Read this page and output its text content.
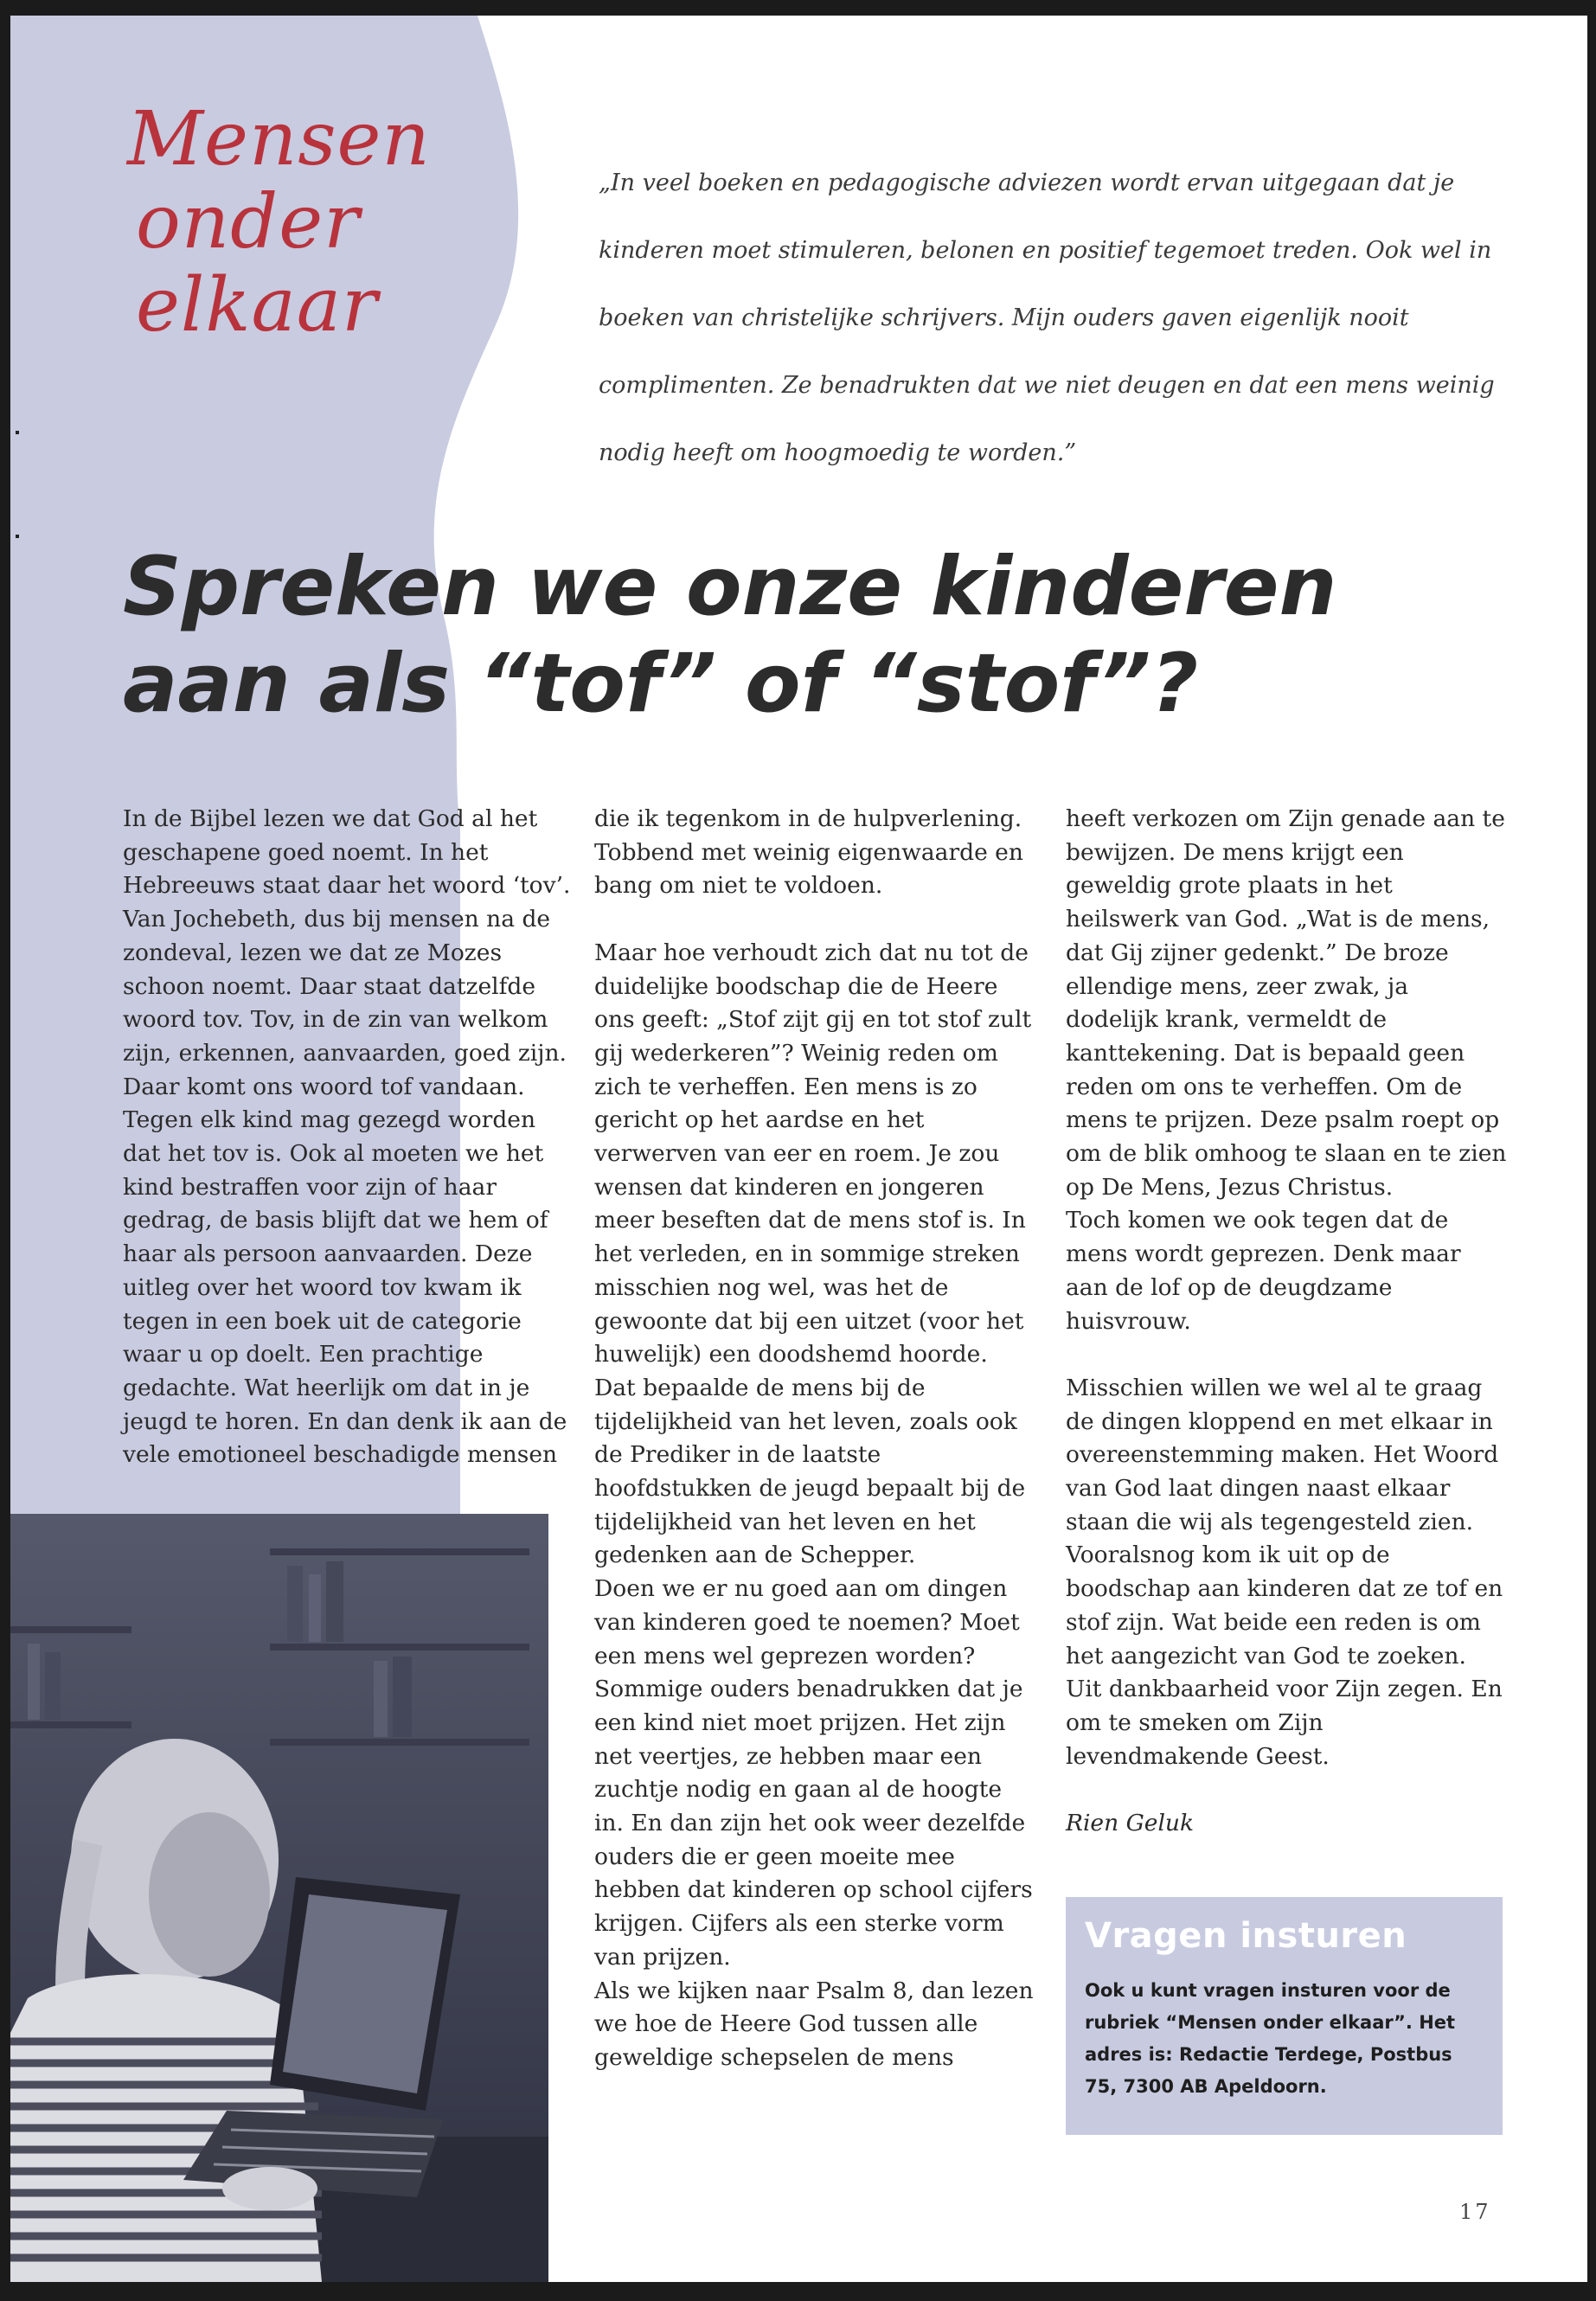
Mensen
onder
elkaar
„In veel boeken en pedagogische adviezen wordt ervan uitgegaan dat je kinderen moet stimuleren, belonen en positief tegemoet treden. Ook wel in boeken van christelijke schrijvers. Mijn ouders gaven eigenlijk nooit complimenten. Ze benadrukten dat we niet deugen en dat een mens weinig nodig heeft om hoogmoedig te worden.”
Spreken we onze kinderen
aan als “tof” of “stof”?

In de Bijbel lezen we dat God al het geschapene goed noemt. In het Hebreeuws staat daar het woord ‘tov’. Van Jochebeth, dus bij mensen na de zondeval, lezen we dat ze Mozes schoon noemt. Daar staat datzelfde woord tov. Tov, in de zin van welkom zijn, erkennen, aanvaarden, goed zijn. Daar komt ons woord tof vandaan. Tegen elk kind mag gezegd worden dat het tov is. Ook al moeten we het kind bestraffen voor zijn of haar gedrag, de basis blijft dat we hem of haar als persoon aanvaarden. Deze uitleg over het woord tov kwam ik tegen in een boek uit de categorie waar u op doelt. Een prachtige gedachte. Wat heerlijk om dat in je jeugd te horen. En dan denk ik aan de vele emotioneel beschadigde mensen

die ik tegenkom in de hulpverlening. Tobbend met weinig eigenwaarde en bang om niet te voldoen.

Maar hoe verhoudt zich dat nu tot de duidelijke boodschap die de Heere ons geeft: „Stof zijt gij en tot stof zult gij wederkeren”? Weinig reden om zich te verheffen. Een mens is zo gericht op het aardse en het verwerven van eer en roem. Je zou wensen dat kinderen en jongeren meer beseften dat de mens stof is. In het verleden, en in sommige streken misschien nog wel, was het de gewoonte dat bij een uitzet (voor het huwelijk) een doodshemd hoorde. Dat bepaalde de mens bij de tijdelijkheid van het leven, zoals ook de Prediker in de laatste hoofdstukken de jeugd bepaalt bij de tijdelijkheid van het leven en het gedenken aan de Schepper.

Doen we er nu goed aan om dingen van kinderen goed te noemen? Moet een mens wel geprezen worden? Sommige ouders benadrukken dat je een kind niet moet prijzen. Het zijn net veertjes, ze hebben maar een zuchtje nodig en gaan al de hoogte in. En dan zijn het ook weer dezelfde ouders die er geen moeite mee hebben dat kinderen op school cijfers krijgen. Cijfers als een sterke vorm van prijzen.

Als we kijken naar Psalm 8, dan lezen we hoe de Heere God tussen alle geweldige schepselen de mens

heeft verkozen om Zijn genade aan te bewijzen. De mens krijgt een geweldig grote plaats in het heilswerk van God. „Wat is de mens, dat Gij zijner gedenkt.” De broze ellendige mens, zeer zwak, ja dodelijk krank, vermeldt de kanttekening. Dat is bepaald geen reden om ons te verheffen. Om de mens te prijzen. Deze psalm roept op om de blik omhoog te slaan en te zien op De Mens, Jezus Christus.

Toch komen we ook tegen dat de mens wordt geprezen. Denk maar aan de lof op de deugdzame huisvrouw.

Misschien willen we wel al te graag de dingen kloppend en met elkaar in overeenstemming maken. Het Woord van God laat dingen naast elkaar staan die wij als tegengesteld zien. Vooralsnog kom ik uit op de boodschap aan kinderen dat ze tof en stof zijn. Wat beide een reden is om het aangezicht van God te zoeken. Uit dankbaarheid voor Zijn zegen. En om te smeken om Zijn levendmakende Geest.

Rien Geluk

Vragen insturen
Ook u kunt vragen insturen voor de rubriek “Mensen onder elkaar”. Het adres is: Redactie Terdege, Postbus 75, 7300 AB Apeldoorn.
17
